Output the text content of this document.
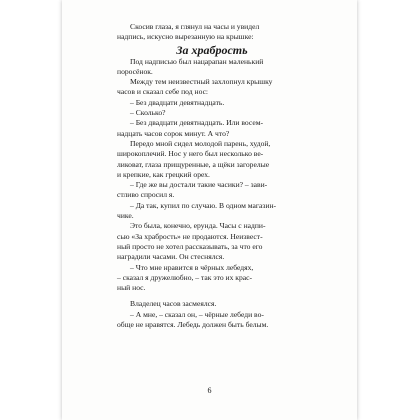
Скосив глаза, я глянул на часы и увидел

надпись, искусно вырезанную на крышке:

За храбрость

Под надписью был нацарапан маленький

поросёнок.

Между тем неизвестный захлопнул крышку

часов и сказал себе под нос:

– Без двадцати девятнадцать.

– Сколько?

– Без двадцати девятнадцать. Или восем-

надцать часов сорок минут. А что?

Передо мной сидел молодой парень, худой,

широкоплечий. Нос у него был несколько ве-

ликоват, глаза прищуренные, а щёки загорелые

и крепкие, как грецкий орех.

– Где же вы достали такие часики? – зави-

стливо спросил я.

– Да так, купил по случаю. В одном магазин-

чике.

Это была, конечно, ерунда. Часы с надпи-

сью «За храбрость» не продаются. Неизвест-

ный просто не хотел рассказывать, за что его

наградили часами. Он стеснялся.

– Что мне нравится в чёрных лебедях,

– сказал я дружелюбно, – так это их крас-

ный нос.

Владелец часов засмеялся.

– А мне, – сказал он, – чёрные лебеди во-

обще не нравятся. Лебедь должен быть белым.

6
